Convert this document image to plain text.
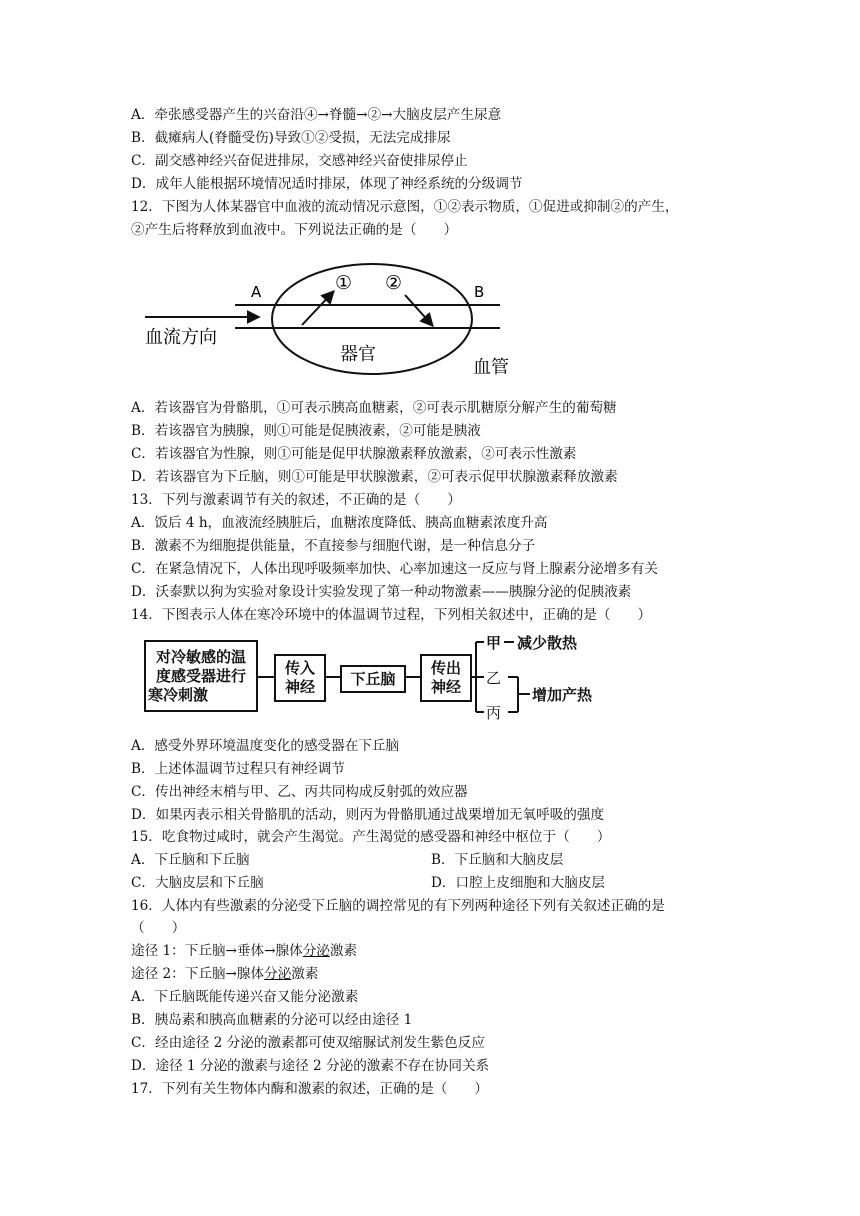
A．牵张感受器产生的兴奋沿④→脊髓→②→大脑皮层产生尿意
B．截瘫病人(脊髓受伤)导致①②受损，无法完成排尿
C．副交感神经兴奋促进排尿，交感神经兴奋使排尿停止
D．成年人能根据环境情况适时排尿，体现了神经系统的分级调节
12．下图为人体某器官中血液的流动情况示意图，①②表示物质，①促进或抑制②的产生，
②产生后将释放到血液中。下列说法正确的是（　　）
A	B
① ②
血流方向
器官
血管
A．若该器官为骨骼肌，①可表示胰高血糖素，②可表示肌糖原分解产生的葡萄糖
B．若该器官为胰腺，则①可能是促胰液素，②可能是胰液
C．若该器官为性腺，则①可能是促甲状腺激素释放激素，②可表示性激素
D．若该器官为下丘脑，则①可能是甲状腺激素，②可表示促甲状腺激素释放激素
13．下列与激素调节有关的叙述，不正确的是（　　）
A．饭后 4 h，血液流经胰脏后，血糖浓度降低、胰高血糖素浓度升高
B．激素不为细胞提供能量，不直接参与细胞代谢，是一种信息分子
C．在紧急情况下，人体出现呼吸频率加快、心率加速这一反应与肾上腺素分泌增多有关
D．沃泰默以狗为实验对象设计实验发现了第一种动物激素——胰腺分泌的促胰液素
14．下图表示人体在寒冷环境中的体温调节过程，下列相关叙述中，正确的是（　　）
对冷敏感的温
度感受器进行
寒冷刺激
传入
神经 下丘脑
传出
神经
甲
乙
丙
减少散热
增加产热
A．感受外界环境温度变化的感受器在下丘脑
B．上述体温调节过程只有神经调节
C．传出神经末梢与甲、乙、丙共同构成反射弧的效应器
D．如果丙表示相关骨骼肌的活动，则丙为骨骼肌通过战栗增加无氧呼吸的强度
15．吃食物过咸时，就会产生渴觉。产生渴觉的感受器和神经中枢位于（　　）
A．下丘脑和下丘脑	B．下丘脑和大脑皮层
C．大脑皮层和下丘脑	D．口腔上皮细胞和大脑皮层
16．人体内有些激素的分泌受下丘脑的调控常见的有下列两种途径下列有关叙述正确的是
（　　）
途径 1：下丘脑→垂体→腺体分泌激素
途径 2：下丘脑→腺体分泌激素
A．下丘脑既能传递兴奋又能分泌激素
B．胰岛素和胰高血糖素的分泌可以经由途径 1
C．经由途径 2 分泌的激素都可使双缩脲试剂发生紫色反应
D．途径 1 分泌的激素与途径 2 分泌的激素不存在协同关系
17．下列有关生物体内酶和激素的叙述，正确的是（　　）
